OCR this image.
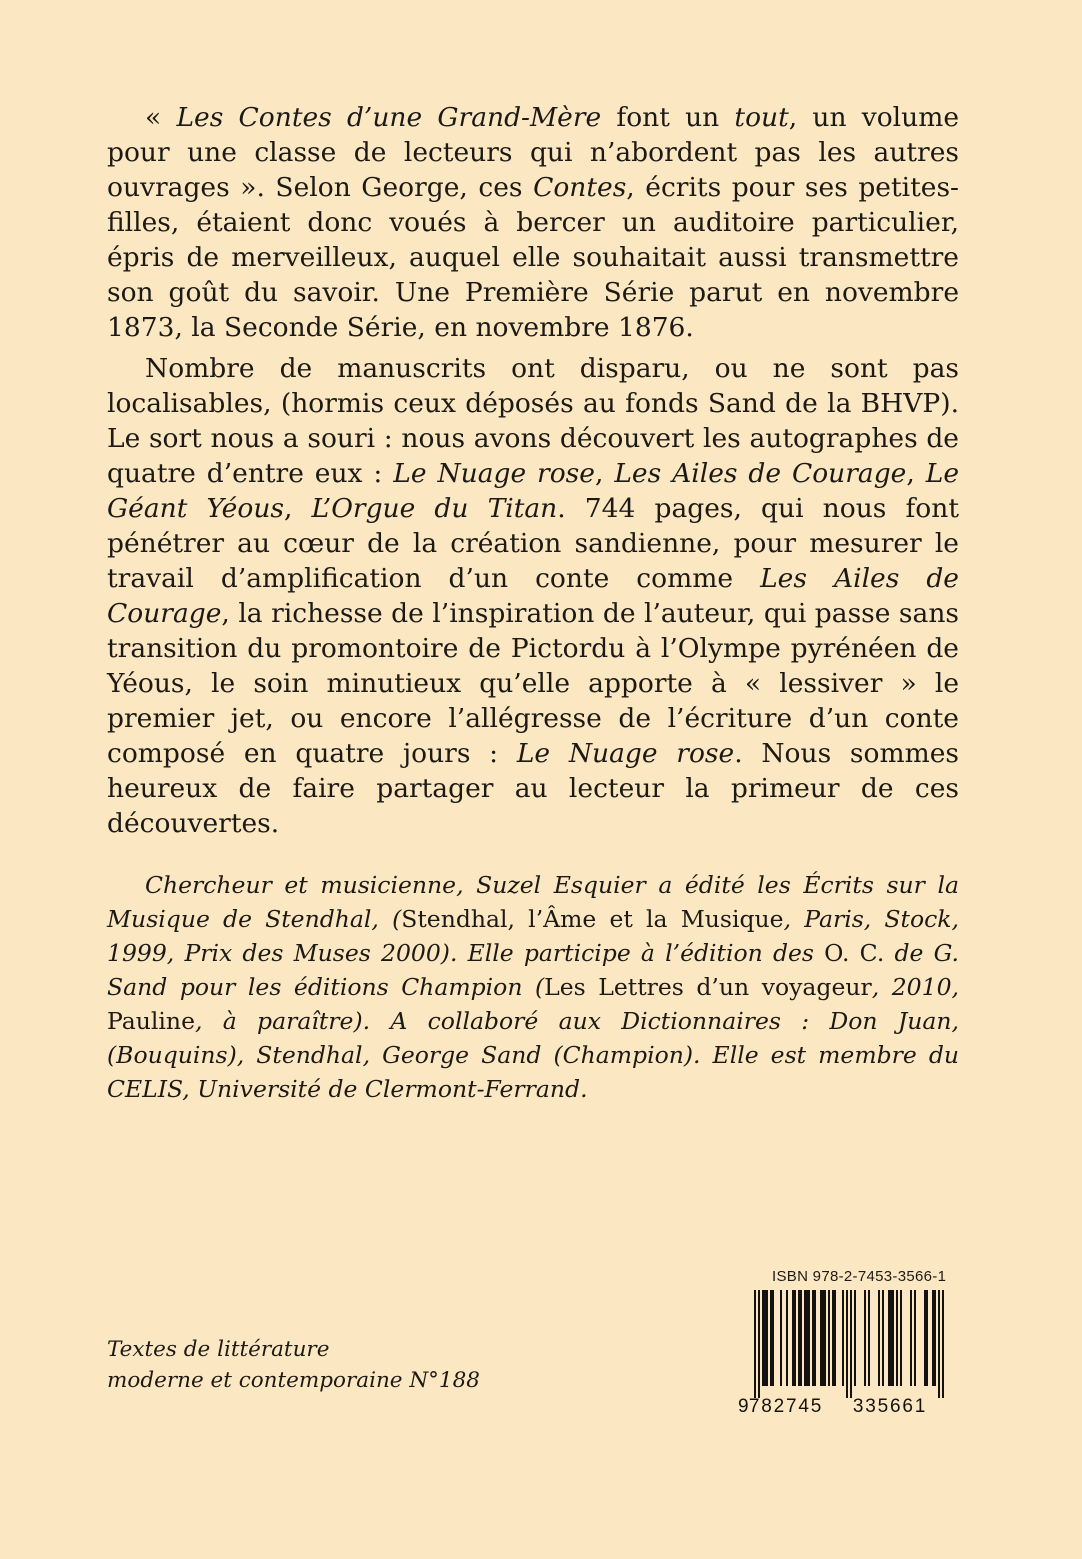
« Les Contes d’une Grand-Mère font un tout, un volume pour une classe de lecteurs qui n’abordent pas les autres ouvrages ». Selon George, ces Contes, écrits pour ses petites-filles, étaient donc voués à bercer un auditoire particulier, épris de merveilleux, auquel elle souhaitait aussi transmettre son goût du savoir. Une Première Série parut en novembre 1873, la Seconde Série, en novembre 1876.

Nombre de manuscrits ont disparu, ou ne sont pas localisables, (hormis ceux déposés au fonds Sand de la BHVP). Le sort nous a souri : nous avons découvert les autographes de quatre d’entre eux : Le Nuage rose, Les Ailes de Courage, Le Géant Yéous, L’Orgue du Titan. 744 pages, qui nous font pénétrer au cœur de la création sandienne, pour mesurer le travail d’amplification d’un conte comme Les Ailes de Courage, la richesse de l’inspiration de l’auteur, qui passe sans transition du promontoire de Pictordu à l’Olympe pyrénéen de Yéous, le soin minutieux qu’elle apporte à « lessiver » le premier jet, ou encore l’allégresse de l’écriture d’un conte composé en quatre jours : Le Nuage rose. Nous sommes heureux de faire partager au lecteur la primeur de ces découvertes.

Chercheur et musicienne, Suzel Esquier a édité les Écrits sur la Musique de Stendhal, (Stendhal, l’Âme et la Musique, Paris, Stock, 1999, Prix des Muses 2000). Elle participe à l’édition des O. C. de G. Sand pour les éditions Champion (Les Lettres d’un voyageur, 2010, Pauline, à paraître). A collaboré aux Dictionnaires : Don Juan, (Bouquins), Stendhal, George Sand (Champion). Elle est membre du CELIS, Université de Clermont-Ferrand.

Textes de littérature
moderne et contemporaine N°188
ISBN 978-2-7453-3566-1
9 782745 335661
